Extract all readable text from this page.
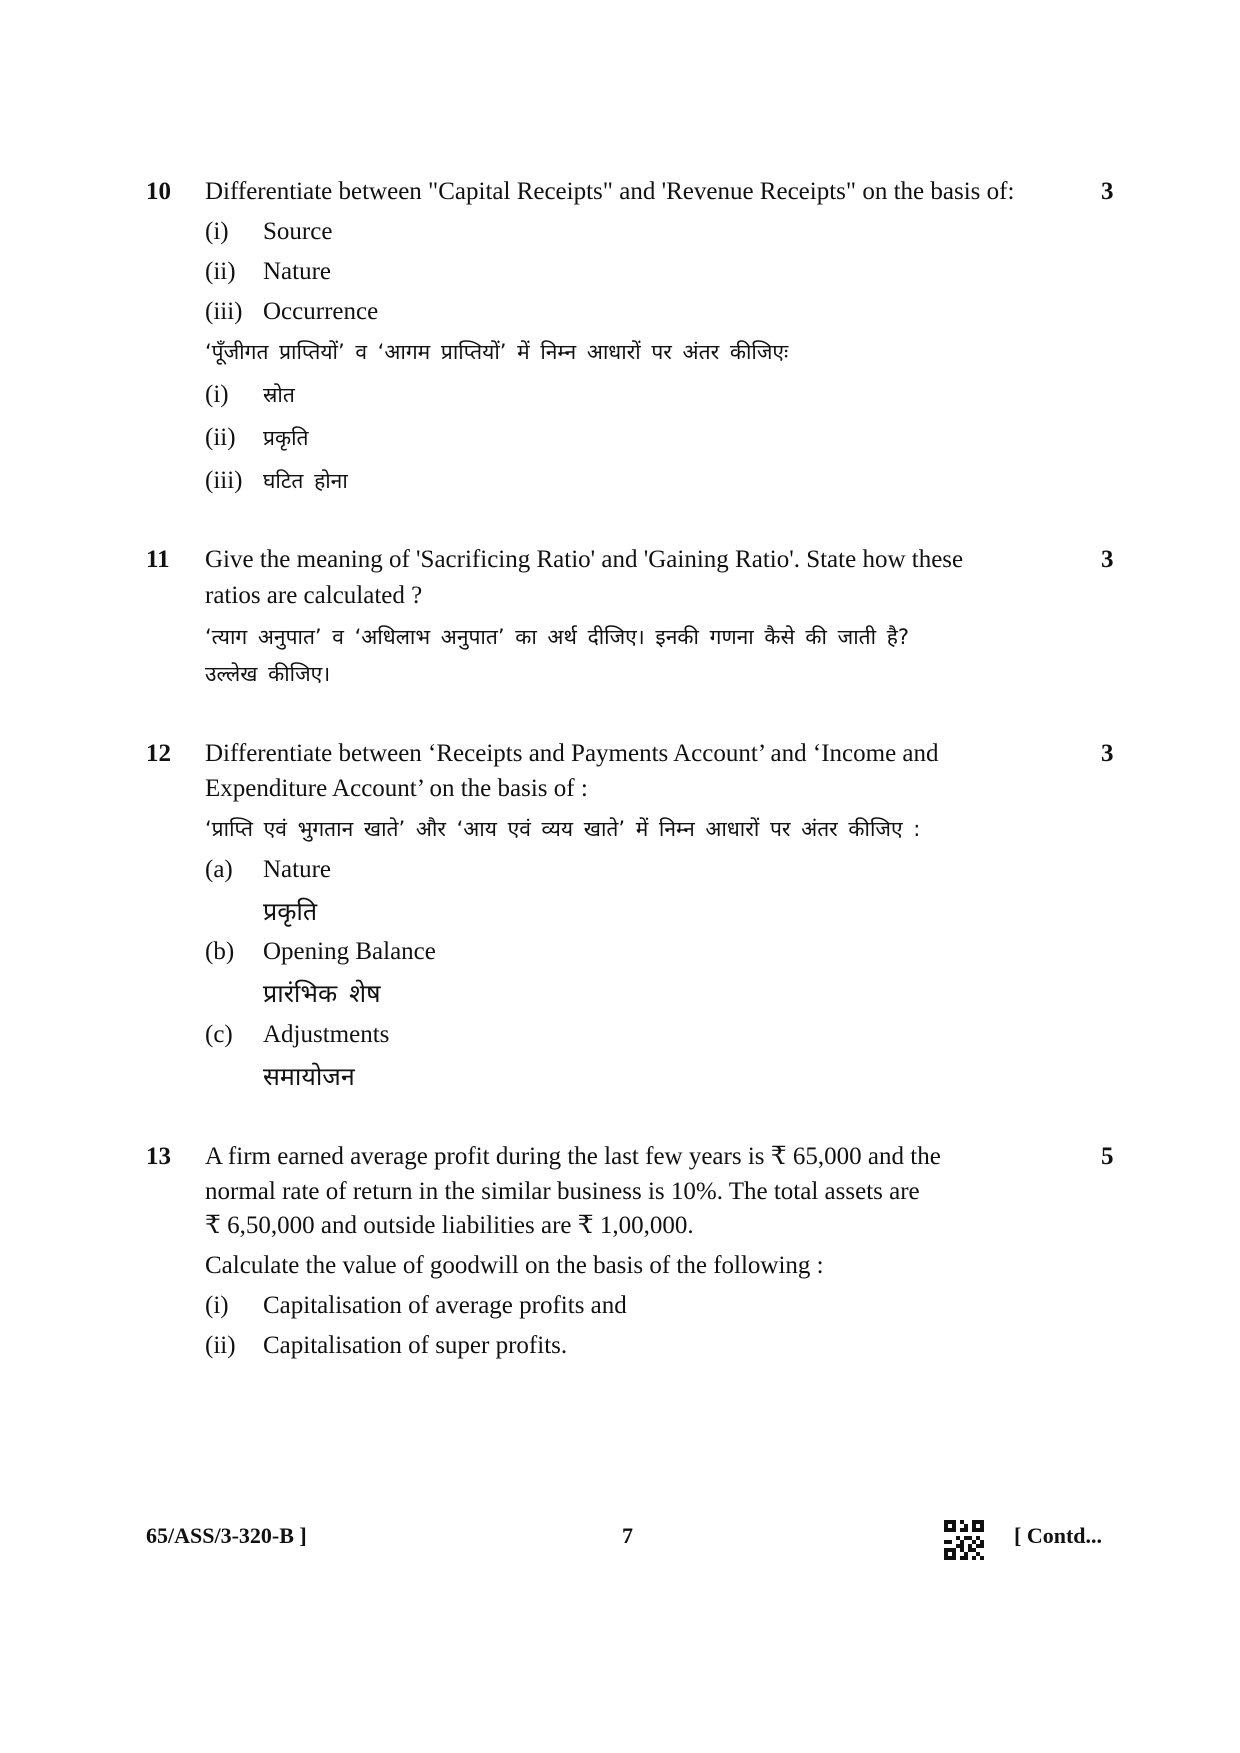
10	3
Differentiate between "Capital Receipts" and 'Revenue Receipts" on the basis of:
(i) Source
(ii) Nature
(iii) Occurrence
‘पूँजीगत प्राप्तियों’ व ‘आगम प्राप्तियों’ में निम्न आधारों पर अंतर कीजिएः
(i) स्रोत
(ii) प्रकृति
(iii) घटित होना
11	3
Give the meaning of 'Sacrificing Ratio' and 'Gaining Ratio'. State how these
ratios are calculated ?
‘त्याग अनुपात’ व ‘अधिलाभ अनुपात’ का अर्थ दीजिए। इनकी गणना कैसे की जाती है?
उल्लेख कीजिए।
12	3
Differentiate between ‘Receipts and Payments Account’ and ‘Income and
Expenditure Account’ on the basis of :
‘प्राप्ति एवं भुगतान खाते’ और ‘आय एवं व्यय खाते’ में निम्न आधारों पर अंतर कीजिए :
(a) Nature
प्रकृति
(b) Opening Balance
प्रारंभिक शेष
(c) Adjustments
समायोजन
13	5
A firm earned average profit during the last few years is ₹ 65,000 and the
normal rate of return in the similar business is 10%. The total assets are
₹ 6,50,000 and outside liabilities are ₹ 1,00,000.
Calculate the value of goodwill on the basis of the following :
(i) Capitalisation of average profits and
(ii) Capitalisation of super profits.
65/ASS/3-320-B ]	7	[ Contd...
